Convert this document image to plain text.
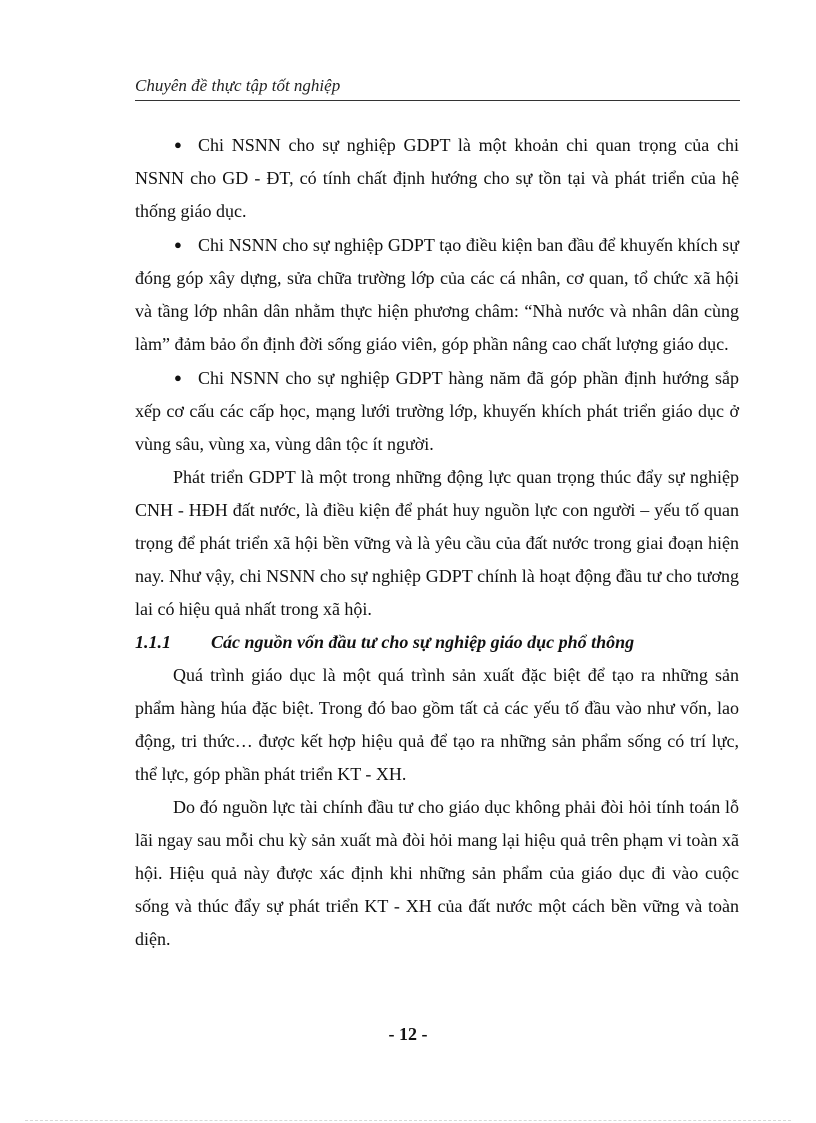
Chuyên đề thực tập tốt nghiệp

● Chi NSNN cho sự nghiệp GDPT là một khoản chi quan trọng của chi NSNN cho GD - ĐT, có tính chất định hướng cho sự tồn tại và phát triển của hệ thống giáo dục.

● Chi NSNN cho sự nghiệp GDPT tạo điều kiện ban đầu để khuyến khích sự đóng góp xây dựng, sửa chữa trường lớp của các cá nhân, cơ quan, tổ chức xã hội và tầng lớp nhân dân nhằm thực hiện phương châm: “Nhà nước và nhân dân cùng làm” đảm bảo ổn định đời sống giáo viên, góp phần nâng cao chất lượng giáo dục.

● Chi NSNN cho sự nghiệp GDPT hàng năm đã góp phần định hướng sắp xếp cơ cấu các cấp học, mạng lưới trường lớp, khuyến khích phát triển giáo dục ở vùng sâu, vùng xa, vùng dân tộc ít người.

Phát triển GDPT là một trong những động lực quan trọng thúc đẩy sự nghiệp CNH - HĐH đất nước, là điều kiện để phát huy nguồn lực con người – yếu tố quan trọng để phát triển xã hội bền vững và là yêu cầu của đất nước trong giai đoạn hiện nay. Như vậy, chi NSNN cho sự nghiệp GDPT chính là hoạt động đầu tư cho tương lai có hiệu quả nhất trong xã hội.

1.1.1 Các nguồn vốn đầu tư cho sự nghiệp giáo dục phổ thông

Quá trình giáo dục là một quá trình sản xuất đặc biệt để tạo ra những sản phẩm hàng húa đặc biệt. Trong đó bao gồm tất cả các yếu tố đầu vào như vốn, lao động, tri thức… được kết hợp hiệu quả để tạo ra những sản phẩm sống có trí lực, thể lực, góp phần phát triển KT - XH.

Do đó nguồn lực tài chính đầu tư cho giáo dục không phải đòi hỏi tính toán lỗ lãi ngay sau mỗi chu kỳ sản xuất mà đòi hỏi mang lại hiệu quả trên phạm vi toàn xã hội. Hiệu quả này được xác định khi những sản phẩm của giáo dục đi vào cuộc sống và thúc đẩy sự phát triển KT - XH của đất nước một cách bền vững và toàn diện.

- 12 -
